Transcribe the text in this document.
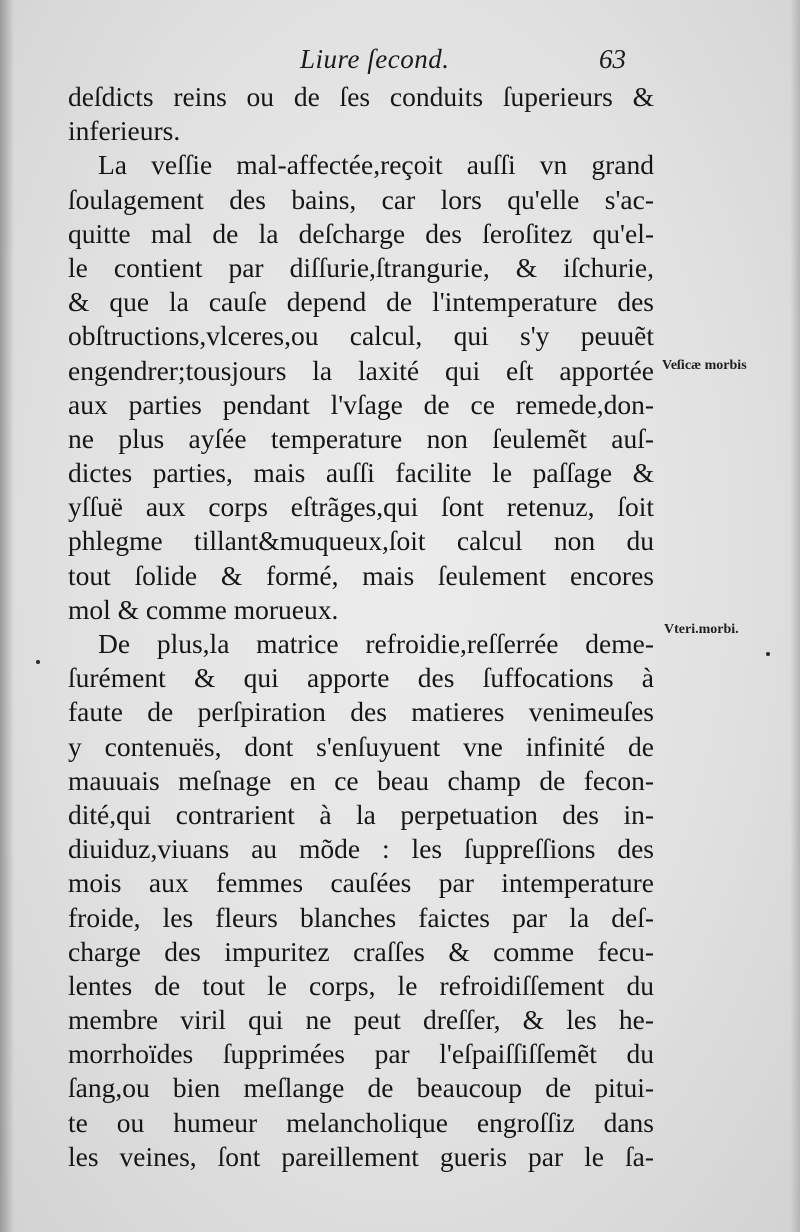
Liure ſecond.	63
deſdicts reins ou de ſes conduits ſuperieurs &
inferieurs.
La veſſie mal-affectée,reçoit auſſi vn grand
ſoulagement des bains, car lors qu'elle s'ac-
quitte mal de la deſcharge des ſeroſitez qu'el-
le contient par diſſurie,ſtrangurie, & iſchurie,
& que la cauſe depend de l'intemperature des
obſtructions,vlceres,ou calcul, qui s'y peuuẽt
engendrer;tousjours la laxité qui eſt apportée
aux parties pendant l'vſage de ce remede,don-
ne plus ayſée temperature non ſeulemẽt auſ-
dictes parties, mais auſſi facilite le paſſage &
yſſuë aux corps eſtrãges,qui ſont retenuz, ſoit
phlegme tillant&muqueux,ſoit calcul non du
tout ſolide & formé, mais ſeulement encores
mol & comme morueux.
De plus,la matrice refroidie,reſſerrée deme-
ſurément & qui apporte des ſuffocations à
faute de perſpiration des matieres venimeuſes
y contenuës, dont s'enſuyuent vne infinité de
mauuais meſnage en ce beau champ de fecon-
dité,qui contrarient à la perpetuation des in-
diuiduz,viuans au mõde : les ſuppreſſions des
mois aux femmes cauſées par intemperature
froide, les fleurs blanches faictes par la deſ-
charge des impuritez craſſes & comme fecu-
lentes de tout le corps, le refroidiſſement du
membre viril qui ne peut dreſſer, & les he-
morrhoïdes ſupprimées par l'eſpaiſſiſſemẽt du
ſang,ou bien meſlange de beaucoup de pitui-
te ou humeur melancholique engroſſiz dans
les veines, ſont pareillement gueris par le ſa-
Veſicæ morbis
Vteri.morbi.
